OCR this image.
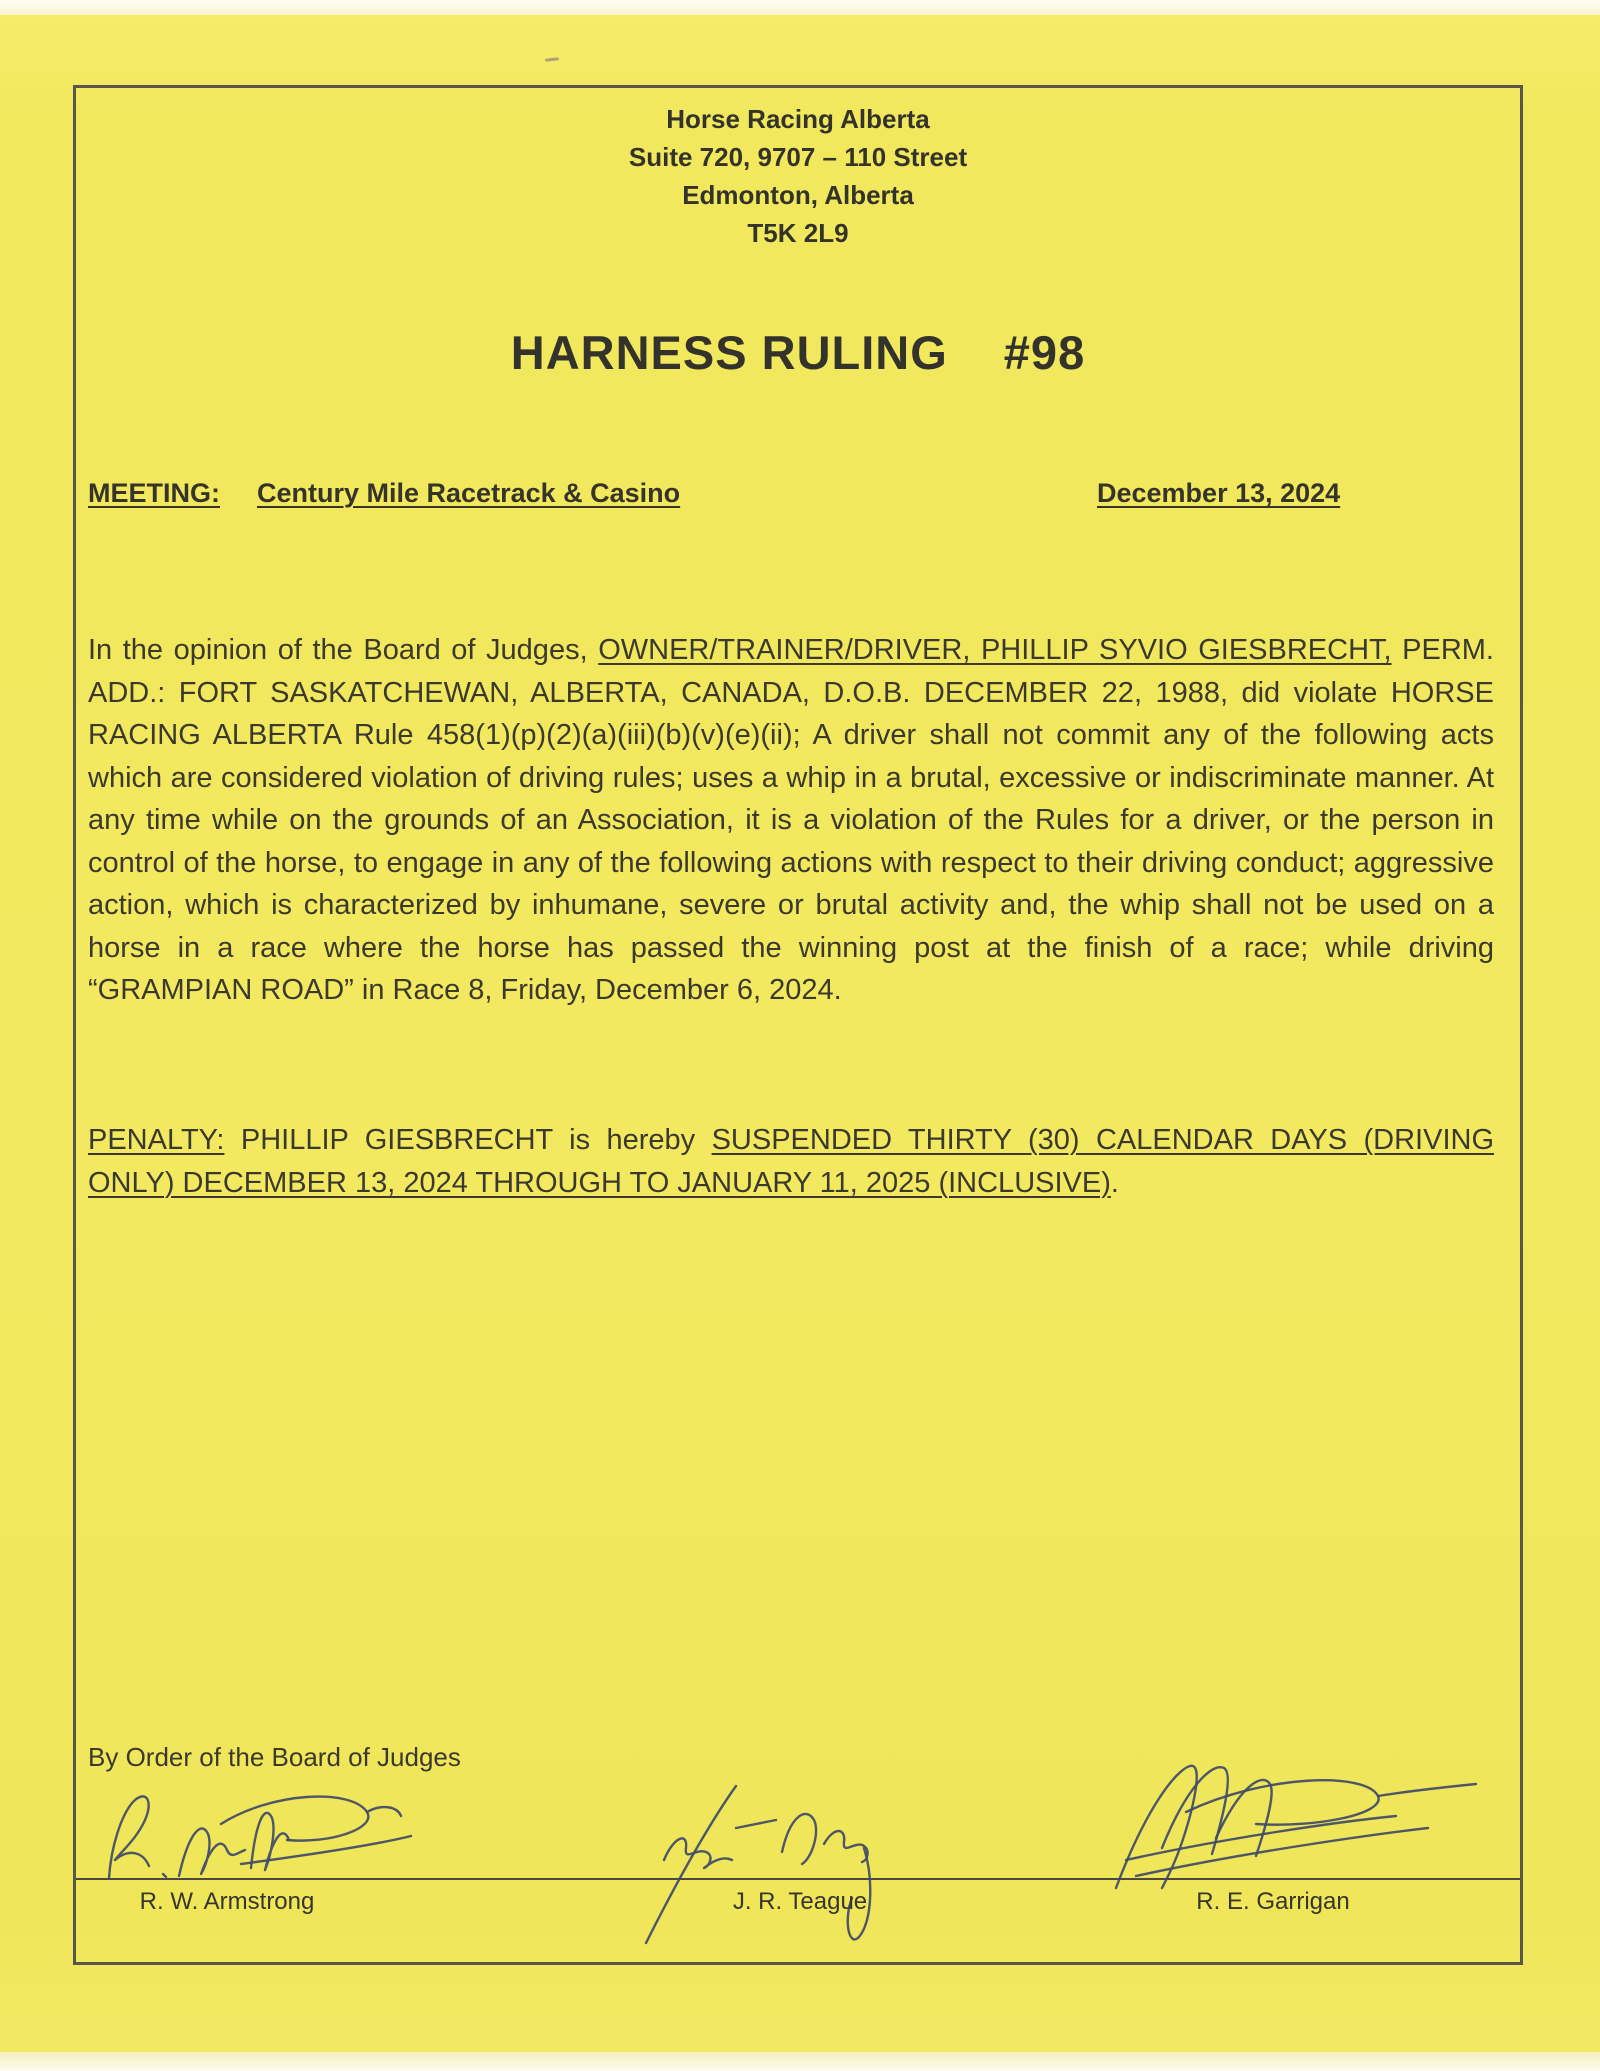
Horse Racing Alberta
Suite 720, 9707 – 110 Street
Edmonton, Alberta
T5K 2L9
HARNESS RULING #98
MEETING: Century Mile Racetrack & Casino	December 13, 2024

In the opinion of the Board of Judges, OWNER/TRAINER/DRIVER, PHILLIP SYVIO GIESBRECHT, PERM. ADD.: FORT SASKATCHEWAN, ALBERTA, CANADA, D.O.B. DECEMBER 22, 1988, did violate HORSE RACING ALBERTA Rule 458(1)(p)(2)(a)(iii)(b)(v)(e)(ii); A driver shall not commit any of the following acts which are considered violation of driving rules; uses a whip in a brutal, excessive or indiscriminate manner. At any time while on the grounds of an Association, it is a violation of the Rules for a driver, or the person in control of the horse, to engage in any of the following actions with respect to their driving conduct; aggressive action, which is characterized by inhumane, severe or brutal activity and, the whip shall not be used on a horse in a race where the horse has passed the winning post at the finish of a race; while driving “GRAMPIAN ROAD” in Race 8, Friday, December 6, 2024.

PENALTY: PHILLIP GIESBRECHT is hereby SUSPENDED THIRTY (30) CALENDAR DAYS (DRIVING ONLY) DECEMBER 13, 2024 THROUGH TO JANUARY 11, 2025 (INCLUSIVE).

By Order of the Board of Judges
R. W. Armstrong	J. R. Teague	R. E. Garrigan
